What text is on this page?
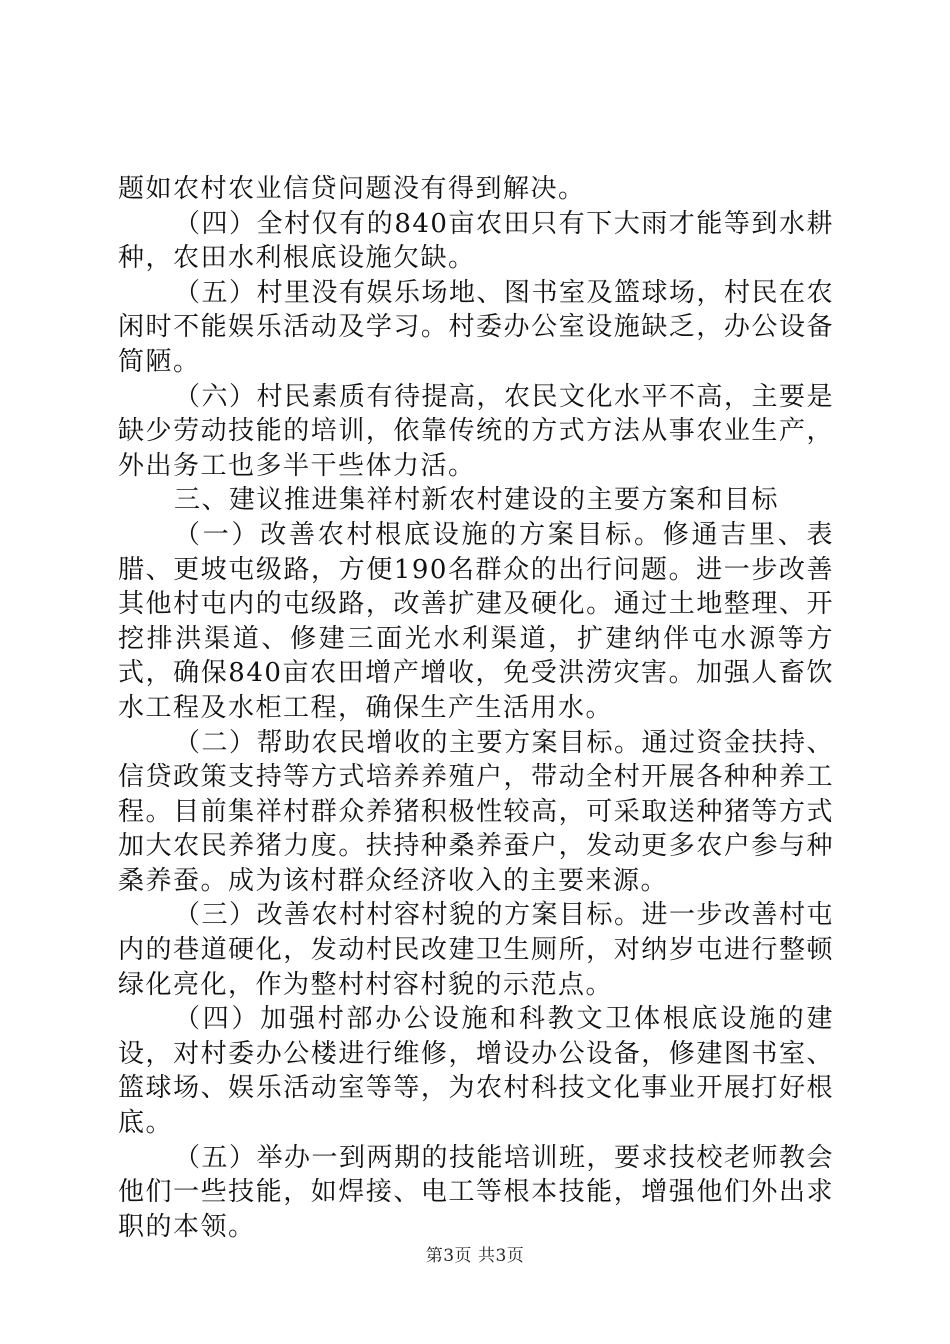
题如农村农业信贷问题没有得到解决。

（四）全村仅有的840亩农田只有下大雨才能等到水耕种，农田水利根底设施欠缺。

（五）村里没有娱乐场地、图书室及篮球场，村民在农闲时不能娱乐活动及学习。村委办公室设施缺乏，办公设备简陋。

（六）村民素质有待提高，农民文化水平不高，主要是缺少劳动技能的培训，依靠传统的方式方法从事农业生产，外出务工也多半干些体力活。

三、建议推进集祥村新农村建设的主要方案和目标

（一）改善农村根底设施的方案目标。修通吉里、表腊、更坡屯级路，方便190名群众的出行问题。进一步改善其他村屯内的屯级路，改善扩建及硬化。通过土地整理、开挖排洪渠道、修建三面光水利渠道，扩建纳伴屯水源等方式，确保840亩农田增产增收，免受洪涝灾害。加强人畜饮水工程及水柜工程，确保生产生活用水。

（二）帮助农民增收的主要方案目标。通过资金扶持、信贷政策支持等方式培养养殖户，带动全村开展各种种养工程。目前集祥村群众养猪积极性较高，可采取送种猪等方式加大农民养猪力度。扶持种桑养蚕户，发动更多农户参与种桑养蚕。成为该村群众经济收入的主要来源。

（三）改善农村村容村貌的方案目标。进一步改善村屯内的巷道硬化，发动村民改建卫生厕所，对纳岁屯进行整顿绿化亮化，作为整村村容村貌的示范点。

（四）加强村部办公设施和科教文卫体根底设施的建设，对村委办公楼进行维修，增设办公设备，修建图书室、篮球场、娱乐活动室等等，为农村科技文化事业开展打好根底。

（五）举办一到两期的技能培训班，要求技校老师教会他们一些技能，如焊接、电工等根本技能，增强他们外出求职的本领。

第3页 共3页
